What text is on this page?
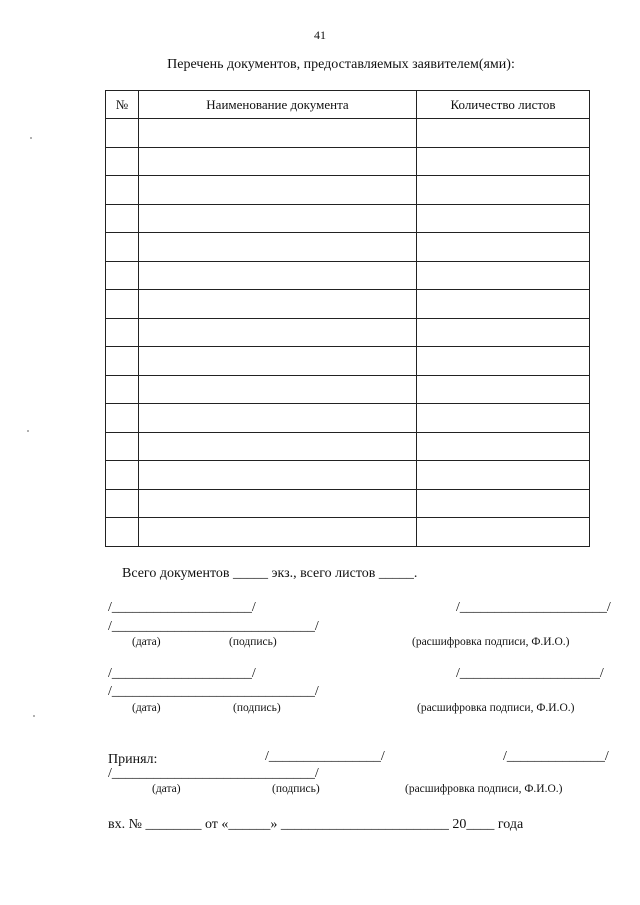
41
Перечень документов, предоставляемых заявителем(ями):
№	Наименование документа	Количество листов

Всего документов _____ экз., всего листов _____.
/____________________/	/_____________________/
/_____________________________/
(дата)	(подпись)	(расшифровка подписи, Ф.И.О.)
/____________________/	/____________________/
/_____________________________/
(дата)	(подпись)	(расшифровка подписи, Ф.И.О.)
Принял:	/________________/	/______________/
/_____________________________/
(дата)	(подпись)	(расшифровка подписи, Ф.И.О.)
вх. № ________ от «______» ________________________ 20____ года
